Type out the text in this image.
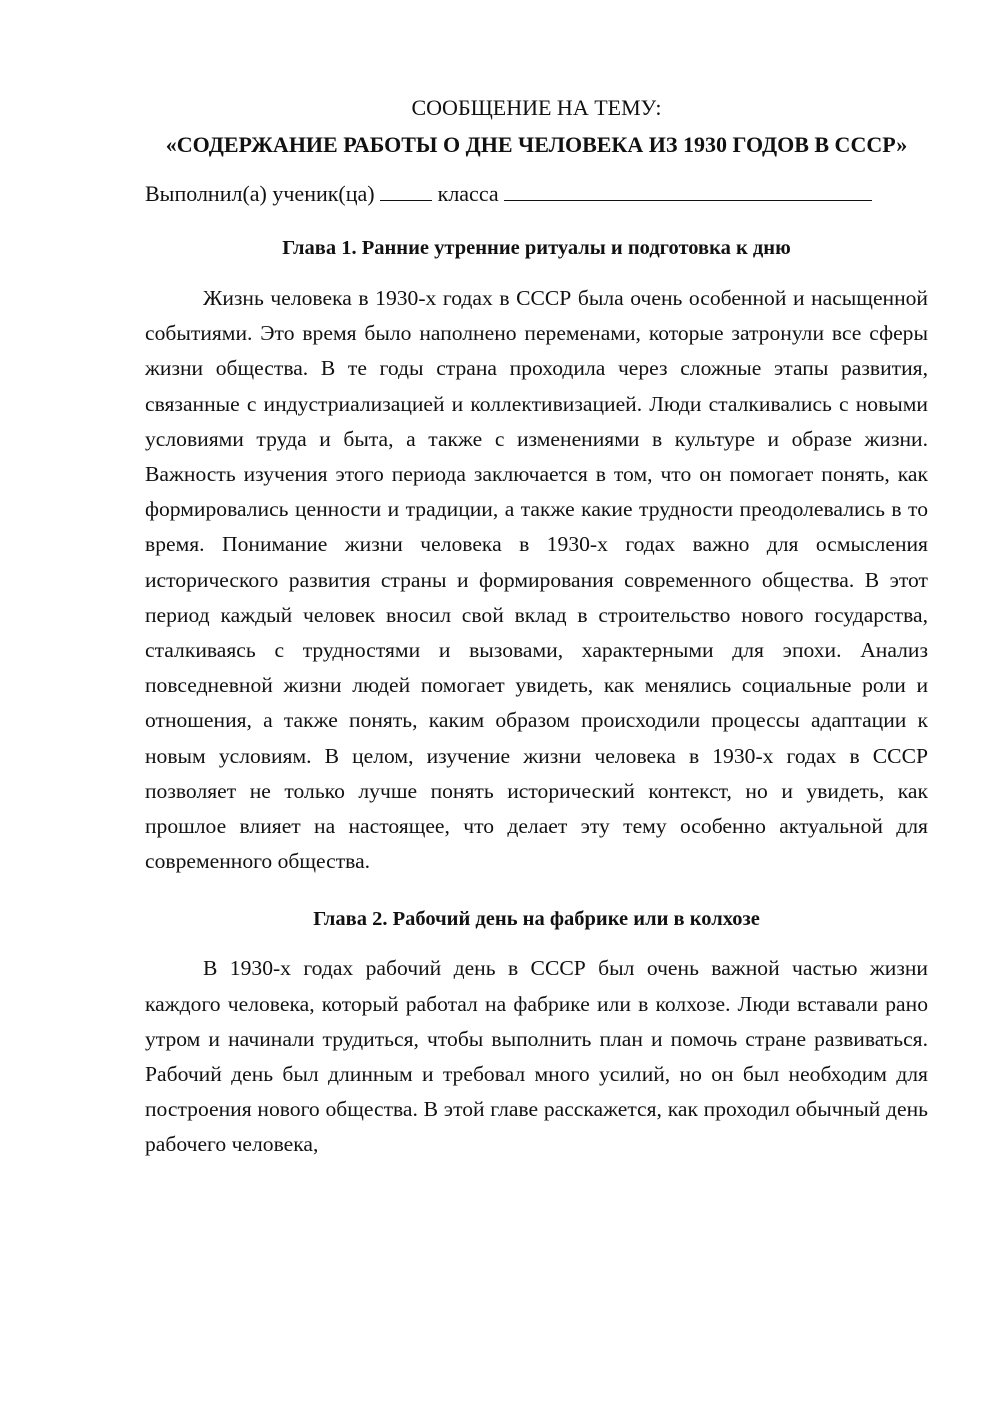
СООБЩЕНИЕ НА ТЕМУ:

«СОДЕРЖАНИЕ РАБОТЫ О ДНЕ ЧЕЛОВЕКА ИЗ 1930 ГОДОВ В СССР»

Выполнил(а) ученик(ца)	класса

Глава 1. Ранние утренние ритуалы и подготовка к дню

Жизнь человека в 1930-х годах в СССР была очень особенной и насыщенной событиями. Это время было наполнено переменами, которые затронули все сферы жизни общества. В те годы страна проходила через сложные этапы развития, связанные с индустриализацией и коллективизацией. Люди сталкивались с новыми условиями труда и быта, а также с изменениями в культуре и образе жизни. Важность изучения этого периода заключается в том, что он помогает понять, как формировались ценности и традиции, а также какие трудности преодолевались в то время. Понимание жизни человека в 1930-х годах важно для осмысления исторического развития страны и формирования современного общества. В этот период каждый человек вносил свой вклад в строительство нового государства, сталкиваясь с трудностями и вызовами, характерными для эпохи. Анализ повседневной жизни людей помогает увидеть, как менялись социальные роли и отношения, а также понять, каким образом происходили процессы адаптации к новым условиям. В целом, изучение жизни человека в 1930-х годах в СССР позволяет не только лучше понять исторический контекст, но и увидеть, как прошлое влияет на настоящее, что делает эту тему особенно актуальной для современного общества.

Глава 2. Рабочий день на фабрике или в колхозе

В 1930-х годах рабочий день в СССР был очень важной частью жизни каждого человека, который работал на фабрике или в колхозе. Люди вставали рано утром и начинали трудиться, чтобы выполнить план и помочь стране развиваться. Рабочий день был длинным и требовал много усилий, но он был необходим для построения нового общества. В этой главе расскажется, как проходил обычный день рабочего человека,
